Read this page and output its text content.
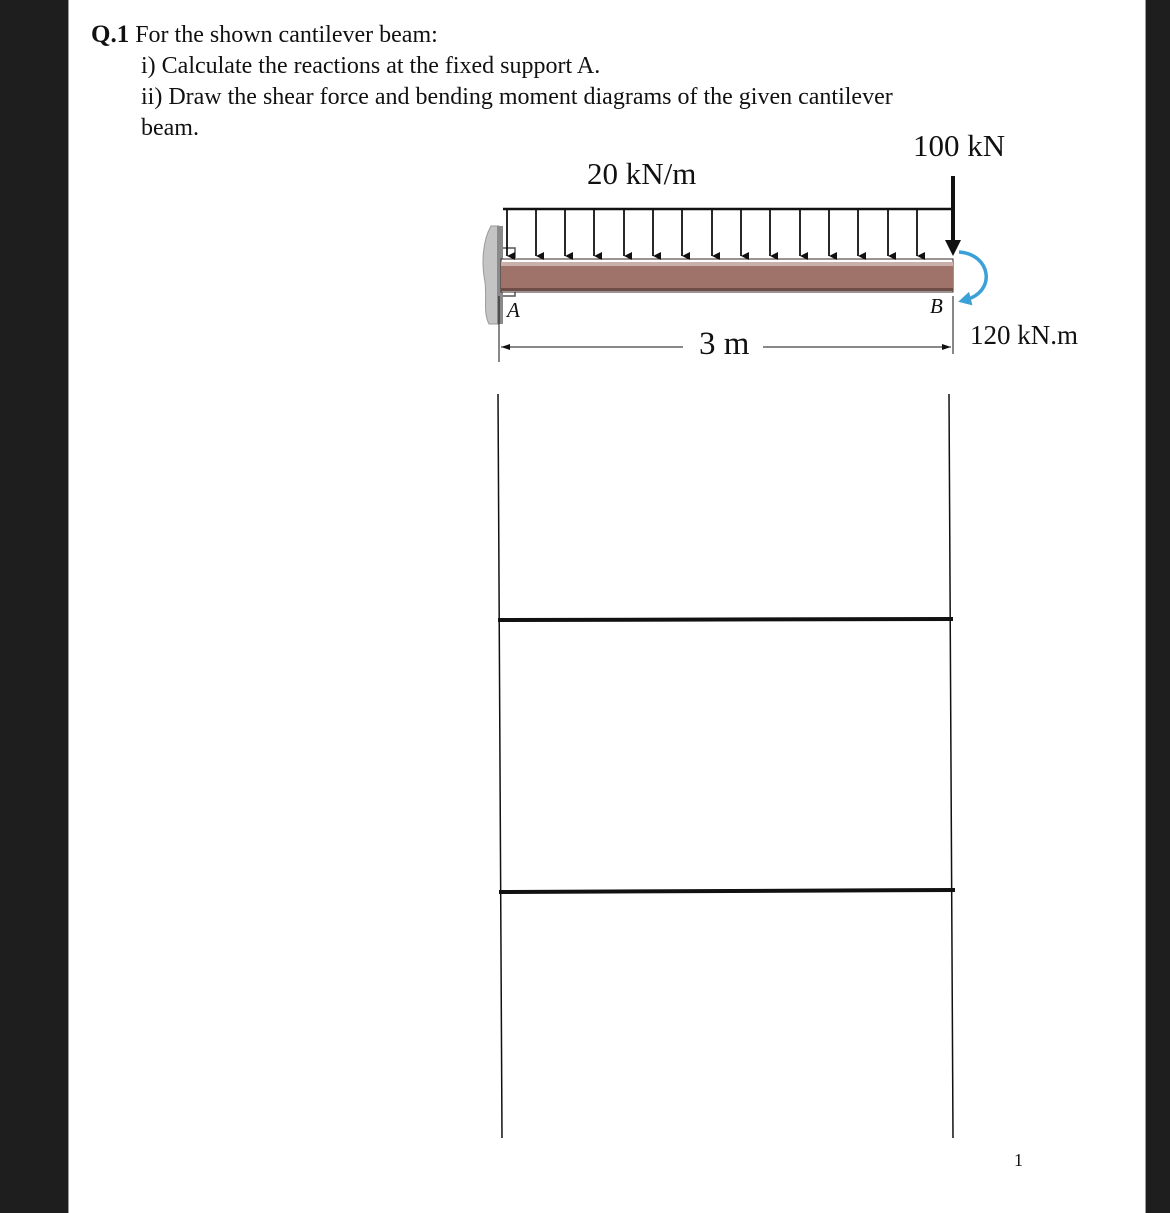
Q.1 For the shown cantilever beam:
i) Calculate the reactions at the fixed support A.
ii) Draw the shear force and bending moment diagrams of the given cantilever
beam.
20 kN/m
100 kN
120 kN.m
3 m
A	B
1
